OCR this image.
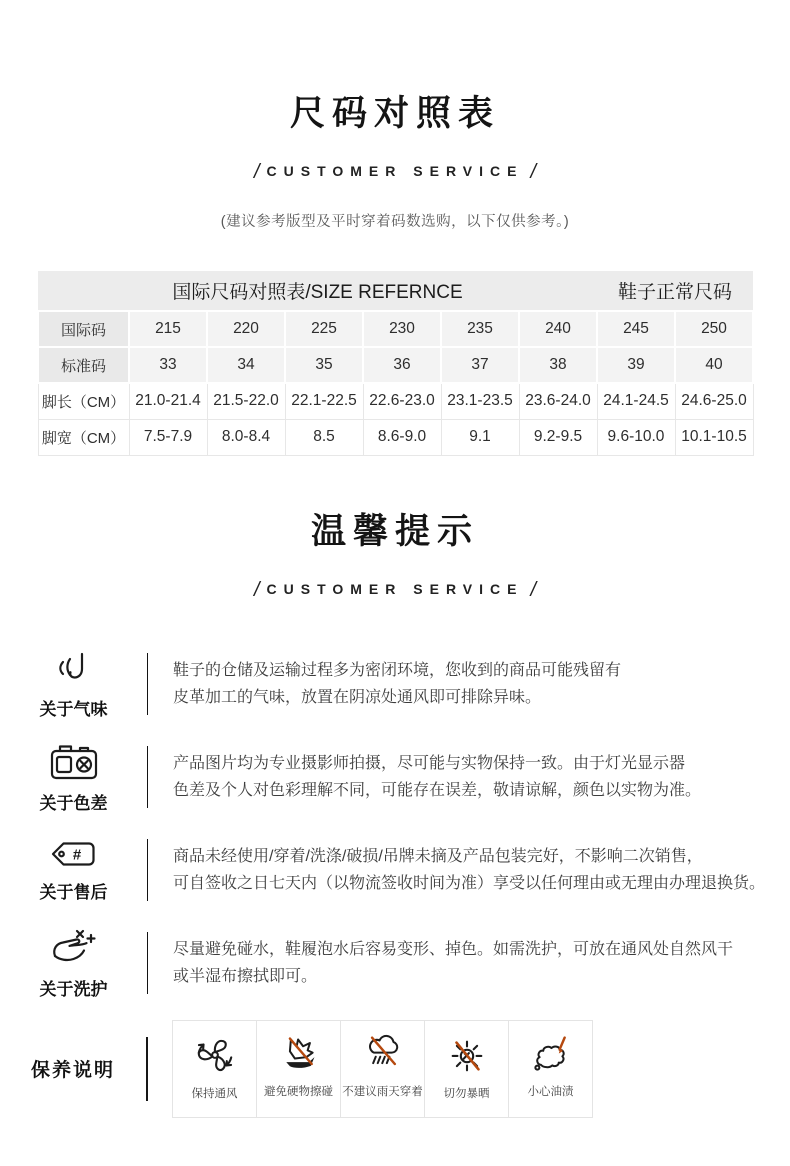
尺码对照表
/ CUSTOMER SERVICE /
(建议参考版型及平时穿着码数选购，以下仅供参考。)
国际尺码对照表/SIZE REFERNCE							鞋子正常尺码	
国际码	215	220	225	230	235	240	245	250
标准码	33	34	35	36	37	38	39	40
脚长（CM）	21.0-21.4	21.5-22.0	22.1-22.5	22.6-23.0	23.1-23.5	23.6-24.0	24.1-24.5	24.6-25.0
脚宽（CM）	7.5-7.9	8.0-8.4	8.5	8.6-9.0	9.1	9.2-9.5	9.6-10.0	10.1-10.5
温馨提示
/ CUSTOMER SERVICE /
关于气味
鞋子的仓储及运输过程多为密闭环境，您收到的商品可能残留有
皮革加工的气味，放置在阴凉处通风即可排除异味。
关于色差
产品图片均为专业摄影师拍摄，尽可能与实物保持一致。由于灯光显示器
色差及个人对色彩理解不同，可能存在误差，敬请谅解，颜色以实物为准。
#
关于售后
商品未经使用/穿着/洗涤/破损/吊牌未摘及产品包装完好，不影响二次销售，
可自签收之日七天内（以物流签收时间为准）享受以任何理由或无理由办理退换货。
关于洗护
尽量避免碰水，鞋履泡水后容易变形、掉色。如需洗护，可放在通风处自然风干
或半湿布擦拭即可。
保养说明
保持通风 避免硬物擦碰 不建议雨天穿着 切勿暴晒	小心油渍
